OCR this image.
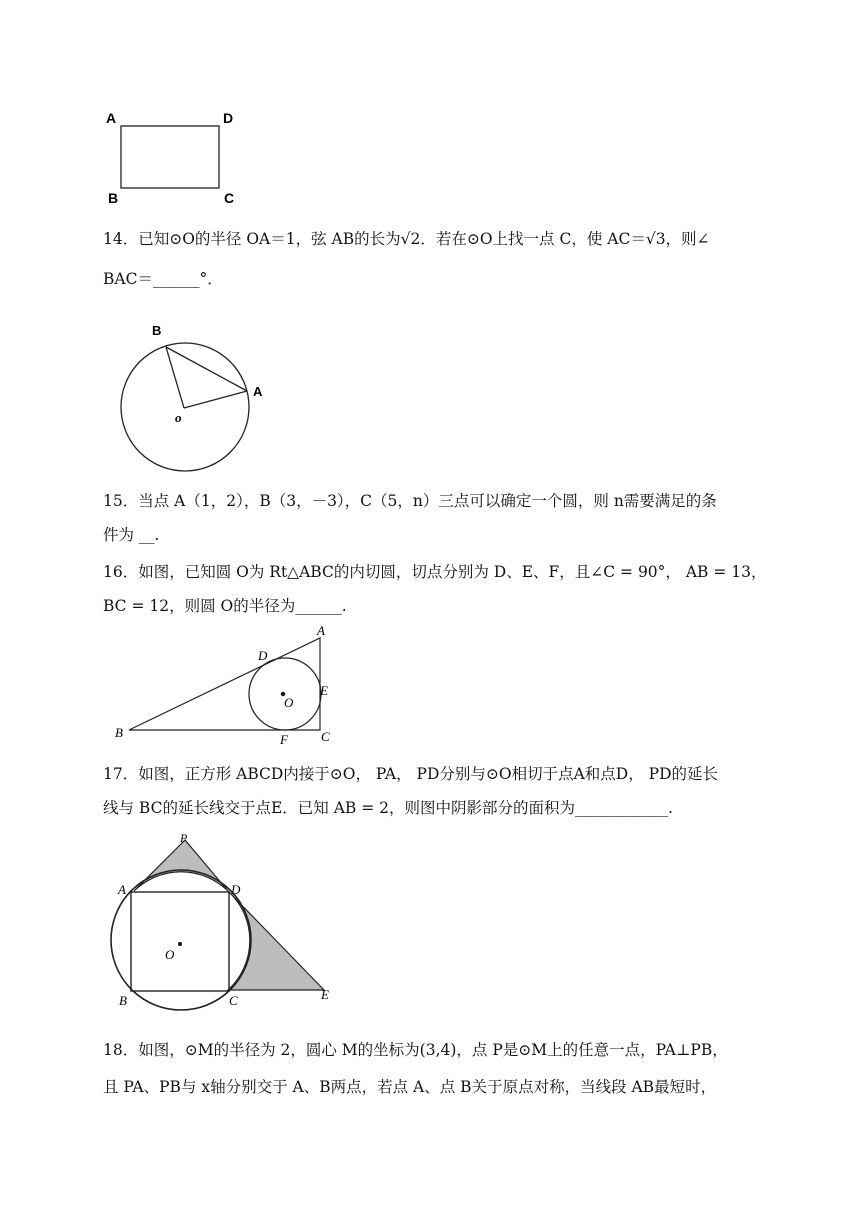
A	D
B	C
14．已知⊙O的半径 OA＝1，弦 AB的长为√2．若在⊙O上找一点 C，使 AC＝√3，则∠
BAC＝______°．
B
A
o
15．当点 A（1，2），B（3，－3），C（5，n）三点可以确定一个圆，则 n需要满足的条
件为 __.
16．如图，已知圆 O为 Rt△ABC的内切圆，切点分别为 D、E、F，且∠C = 90°， AB = 13，
BC = 12，则圆 O的半径为______.
A
D
E
O
B	F	C
17．如图，正方形 ABCD内接于⊙O， PA， PD分别与⊙O相切于点A和点D， PD的延长
线与 BC的延长线交于点E．已知 AB = 2，则图中阴影部分的面积为____________.
P
A	D
O
B	C	E
18．如图，⊙M的半径为 2，圆心 M的坐标为(3,4)，点 P是⊙M上的任意一点，PA⊥PB，
且 PA、PB与 x轴分别交于 A、B两点，若点 A、点 B关于原点对称，当线段 AB最短时，
